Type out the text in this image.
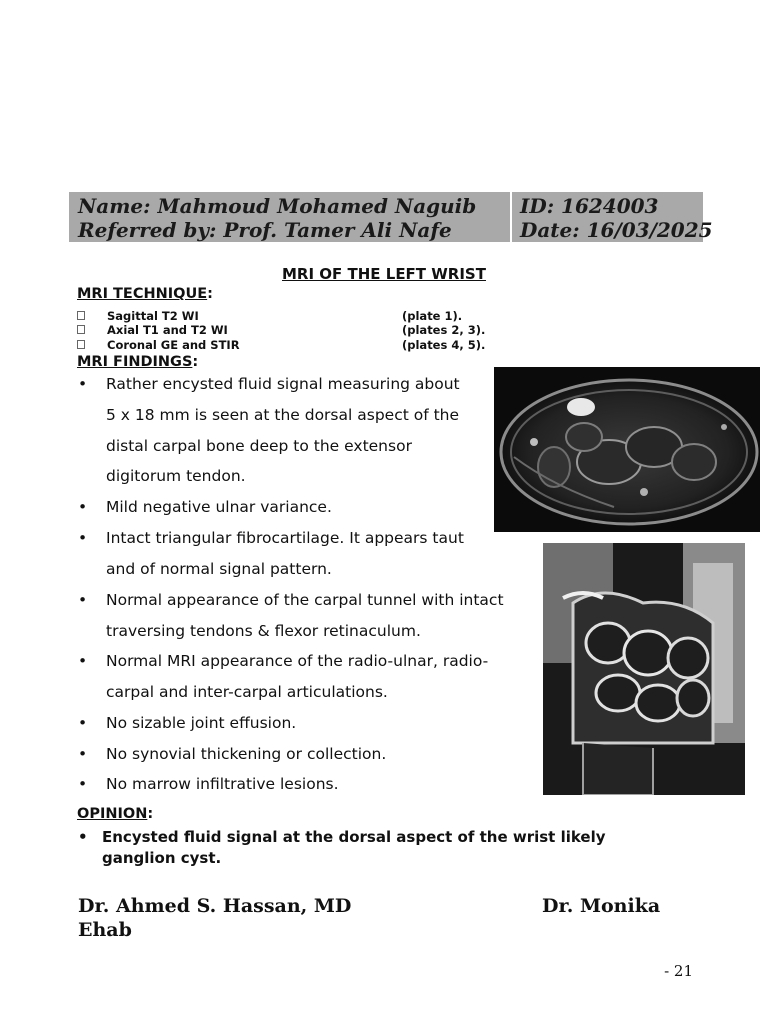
Name: Mahmoud Mohamed Naguib
Referred by: Prof. Tamer Ali Nafe
ID: 1624003
Date: 16/03/2025
MRI OF THE LEFT WRIST
MRI TECHNIQUE:
Sagittal T2 WI	(plate 1).
Axial T1 and T2 WI	(plates 2, 3).
Coronal GE and STIR	(plates 4, 5).
MRI FINDINGS:
• Rather encysted fluid signal measuring about
5 x 18 mm is seen at the dorsal aspect of the
distal carpal bone deep to the extensor
digitorum tendon.
• Mild negative ulnar variance.
• Intact triangular fibrocartilage. It appears taut
and of normal signal pattern.
• Normal appearance of the carpal tunnel with intact
traversing tendons & flexor retinaculum.
• Normal MRI appearance of the radio-ulnar, radio-
carpal and inter-carpal articulations.
• No sizable joint effusion.
• No synovial thickening or collection.
• No marrow infiltrative lesions.
OPINION:
• Encysted fluid signal at the dorsal aspect of the wrist likely
ganglion cyst.
Dr. Ahmed S. Hassan, MD	Dr. Monika
Ehab
- 21
